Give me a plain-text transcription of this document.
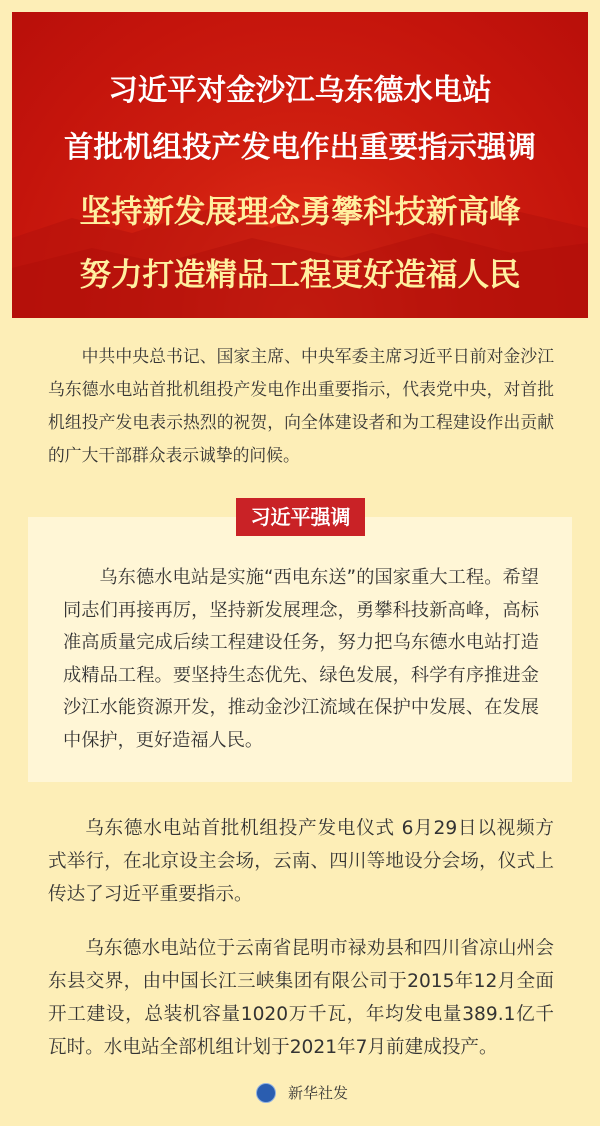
习近平对金沙江乌东德水电站
首批机组投产发电作出重要指示强调
坚持新发展理念勇攀科技新高峰
努力打造精品工程更好造福人民

中共中央总书记、国家主席、中央军委主席习近平日前对金沙江乌东德水电站首批机组投产发电作出重要指示，代表党中央，对首批机组投产发电表示热烈的祝贺，向全体建设者和为工程建设作出贡献的广大干部群众表示诚挚的问候。

习近平强调

乌东德水电站是实施“西电东送”的国家重大工程。希望同志们再接再厉，坚持新发展理念，勇攀科技新高峰，高标准高质量完成后续工程建设任务，努力把乌东德水电站打造成精品工程。要坚持生态优先、绿色发展，科学有序推进金沙江水能资源开发，推动金沙江流域在保护中发展、在发展中保护，更好造福人民。

乌东德水电站首批机组投产发电仪式 6月29日以视频方式举行，在北京设主会场，云南、四川等地设分会场，仪式上传达了习近平重要指示。

乌东德水电站位于云南省昆明市禄劝县和四川省凉山州会东县交界，由中国长江三峡集团有限公司于2015年12月全面开工建设，总装机容量1020万千瓦，年均发电量389.1亿千瓦时。水电站全部机组计划于2021年7月前建成投产。

新华社发
